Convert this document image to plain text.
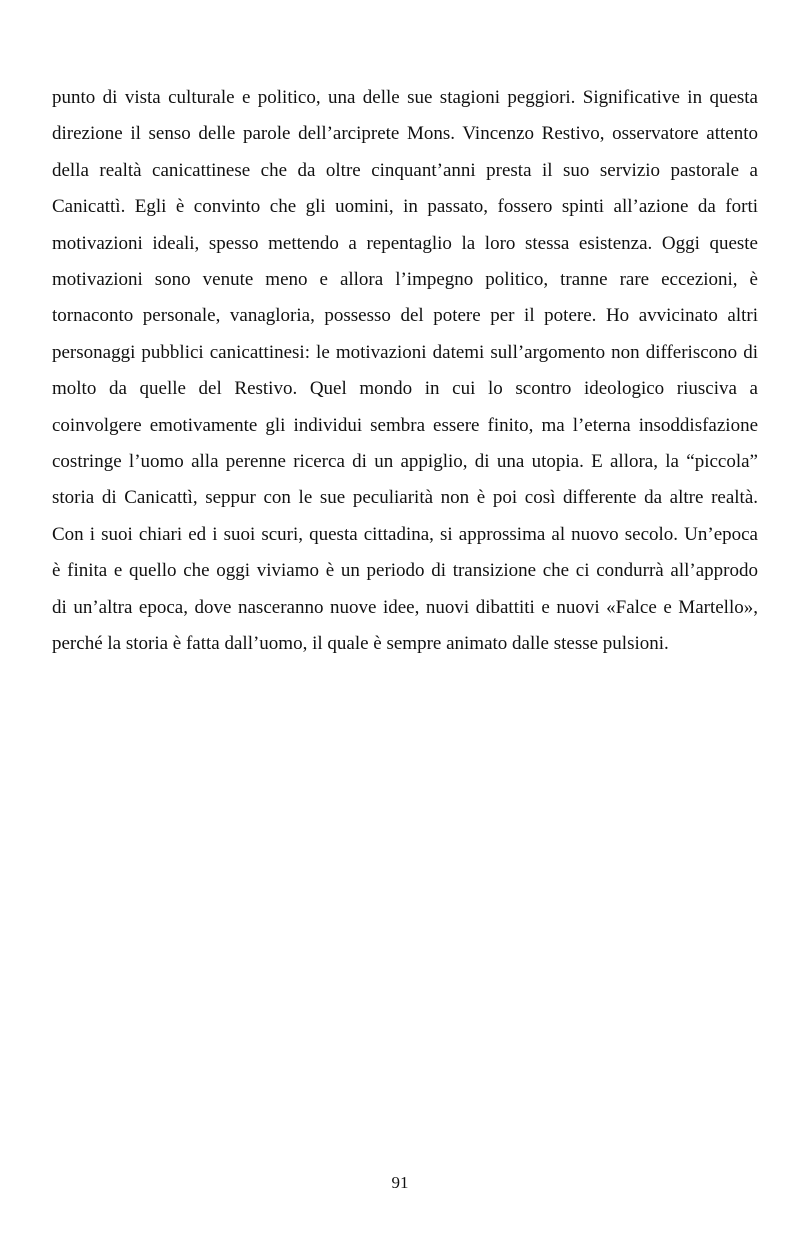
punto di vista culturale e politico, una delle sue stagioni peggiori. Significative in questa
direzione il senso delle parole dell’arciprete Mons. Vincenzo Restivo, osservatore attento
della realtà canicattinese che da oltre cinquant’anni presta il suo servizio pastorale a
Canicattì. Egli è convinto che gli uomini, in passato, fossero spinti all’azione da forti
motivazioni ideali, spesso mettendo a repentaglio la loro stessa esistenza. Oggi queste
motivazioni sono venute meno e allora l’impegno politico, tranne rare eccezioni, è
tornaconto personale, vanagloria, possesso del potere per il potere. Ho avvicinato altri
personaggi pubblici canicattinesi: le motivazioni datemi sull’argomento non differiscono di
molto da quelle del Restivo. Quel mondo in cui lo scontro ideologico riusciva a
coinvolgere emotivamente gli individui sembra essere finito, ma l’eterna insoddisfazione
costringe l’uomo alla perenne ricerca di un appiglio, di una utopia. E allora, la “piccola”
storia di Canicattì, seppur con le sue peculiarità non è poi così differente da altre realtà.
Con i suoi chiari ed i suoi scuri, questa cittadina, si approssima al nuovo secolo. Un’epoca
è finita e quello che oggi viviamo è un periodo di transizione che ci condurrà all’approdo
di un’altra epoca, dove nasceranno nuove idee, nuovi dibattiti e nuovi «Falce e Martello»,
perché la storia è fatta dall’uomo, il quale è sempre animato dalle stesse pulsioni.
91
